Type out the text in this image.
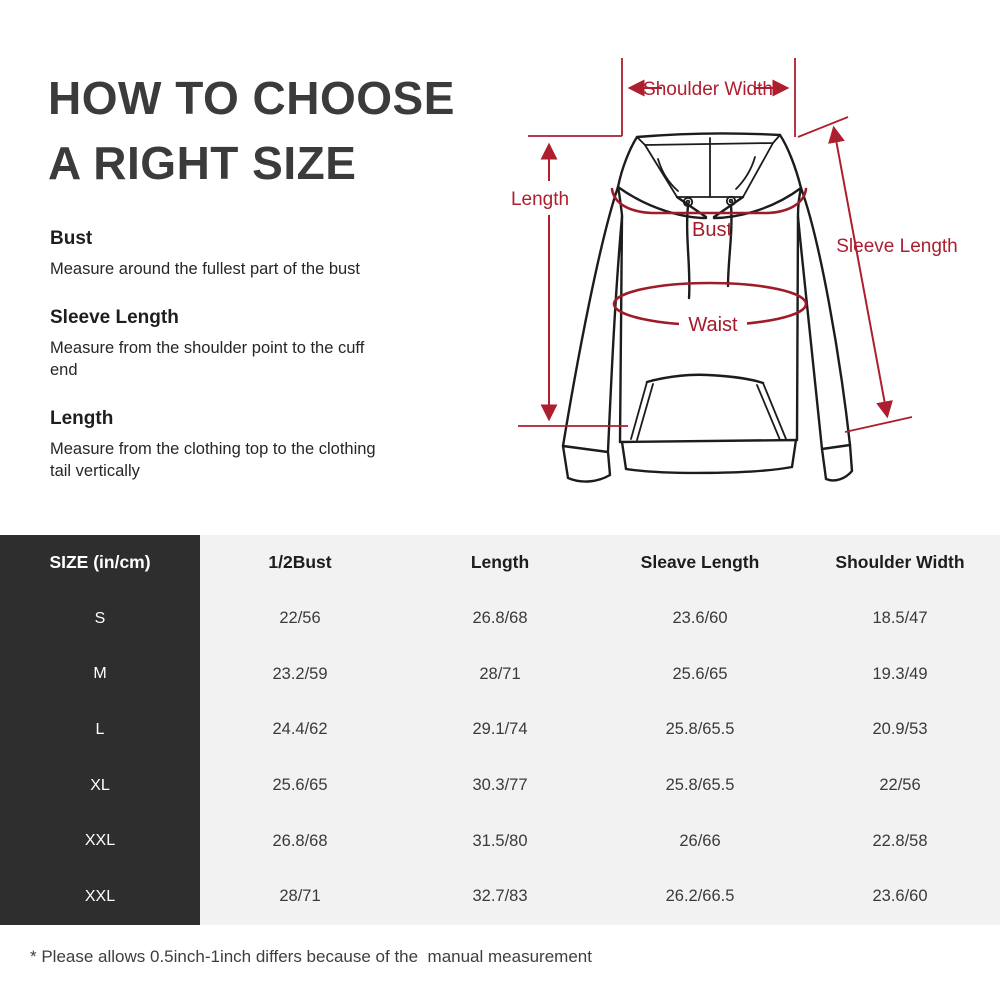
HOW TO CHOOSE
A RIGHT SIZE
Bust
Measure around the fullest part of the bust
Sleeve Length
Measure from the shoulder point to the cuff end
Length
Measure from the clothing top to the clothing tail vertically
Shoulder Width
Length
Sleeve Length
Bust
Waist
SIZE (in/cm)	1/2Bust	Length	Sleave Length	Shoulder Width
S	22/56	26.8/68	23.6/60	18.5/47
M	23.2/59	28/71	25.6/65	19.3/49
L	24.4/62	29.1/74	25.8/65.5	20.9/53
XL	25.6/65	30.3/77	25.8/65.5	22/56
XXL	26.8/68	31.5/80	26/66	22.8/58
XXL	28/71	32.7/83	26.2/66.5	23.6/60
* Please allows 0.5inch-1inch differs because of the  manual measurement
